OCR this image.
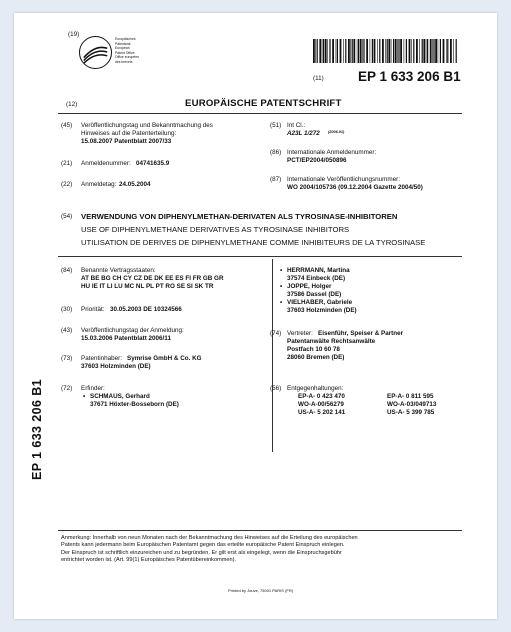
(19)
Europäisches
Patentamt
European
Patent Office
Office européen
des brevets
(11)	EP 1 633 206 B1
(12)	EUROPÄISCHE PATENTSCHRIFT
(45) Veröffentlichungstag und Bekanntmachung des
Hinweises auf die Patenterteilung:
15.08.2007 Patentblatt 2007/33
(21) Anmeldenummer: 04741635.9
(22) Anmeldetag: 24.05.2004
(51) Int Cl.:
A23L 1/272 (2006.01)
(86) Internationale Anmeldenummer:
PCT/EP2004/050896
(87) Internationale Veröffentlichungsnummer:
WO 2004/105736 (09.12.2004 Gazette 2004/50)
(54) VERWENDUNG VON DIPHENYLMETHAN-DERIVATEN ALS TYROSINASE-INHIBITOREN
USE OF DIPHENYLMETHANE DERIVATIVES AS TYROSINASE INHIBITORS
UTILISATION DE DERIVES DE DIPHENYLMETHANE COMME INHIBITEURS DE LA TYROSINASE
(84) Benannte Vertragsstaaten:
AT BE BG CH CY CZ DE DK EE ES FI FR GB GR
HU IE IT LI LU MC NL PL PT RO SE SI SK TR
(30) Priorität: 30.05.2003 DE 10324566
(43) Veröffentlichungstag der Anmeldung:
15.03.2006 Patentblatt 2006/11
(73) Patentinhaber: Symrise GmbH & Co. KG
37603 Holzminden (DE)
(72) Erfinder:
• SCHMAUS, Gerhard
37671 Höxter-Bosseborn (DE)
• HERRMANN, Martina
37574 Einbeck (DE)
• JOPPE, Holger
37586 Dassel (DE)
• VIELHABER, Gabriele
37603 Holzminden (DE)
(74) Vertreter: Eisenführ, Speiser & Partner
Patentanwälte Rechtsanwälte
Postfach 10 60 78
28060 Bremen (DE)
(56) Entgegenhaltungen:
EP-A- 0 423 470
WO-A-00/56279
US-A- 5 202 141
EP-A- 0 811 595
WO-A-03/049713
US-A- 5 399 785
EP 1 633 206 B1
Anmerkung: Innerhalb von neun Monaten nach der Bekanntmachung des Hinweises auf die Erteilung des europäischen
Patents kann jedermann beim Europäischen Patentamt gegen das erteilte europäische Patent Einspruch einlegen.
Der Einspruch ist schriftlich einzureichen und zu begründen. Er gilt erst als eingelegt, wenn die Einspruchsgebühr
entrichtet worden ist. (Art. 99(1) Europäisches Patentübereinkommen).
Printed by Jouve, 75001 PARIS (FR)
